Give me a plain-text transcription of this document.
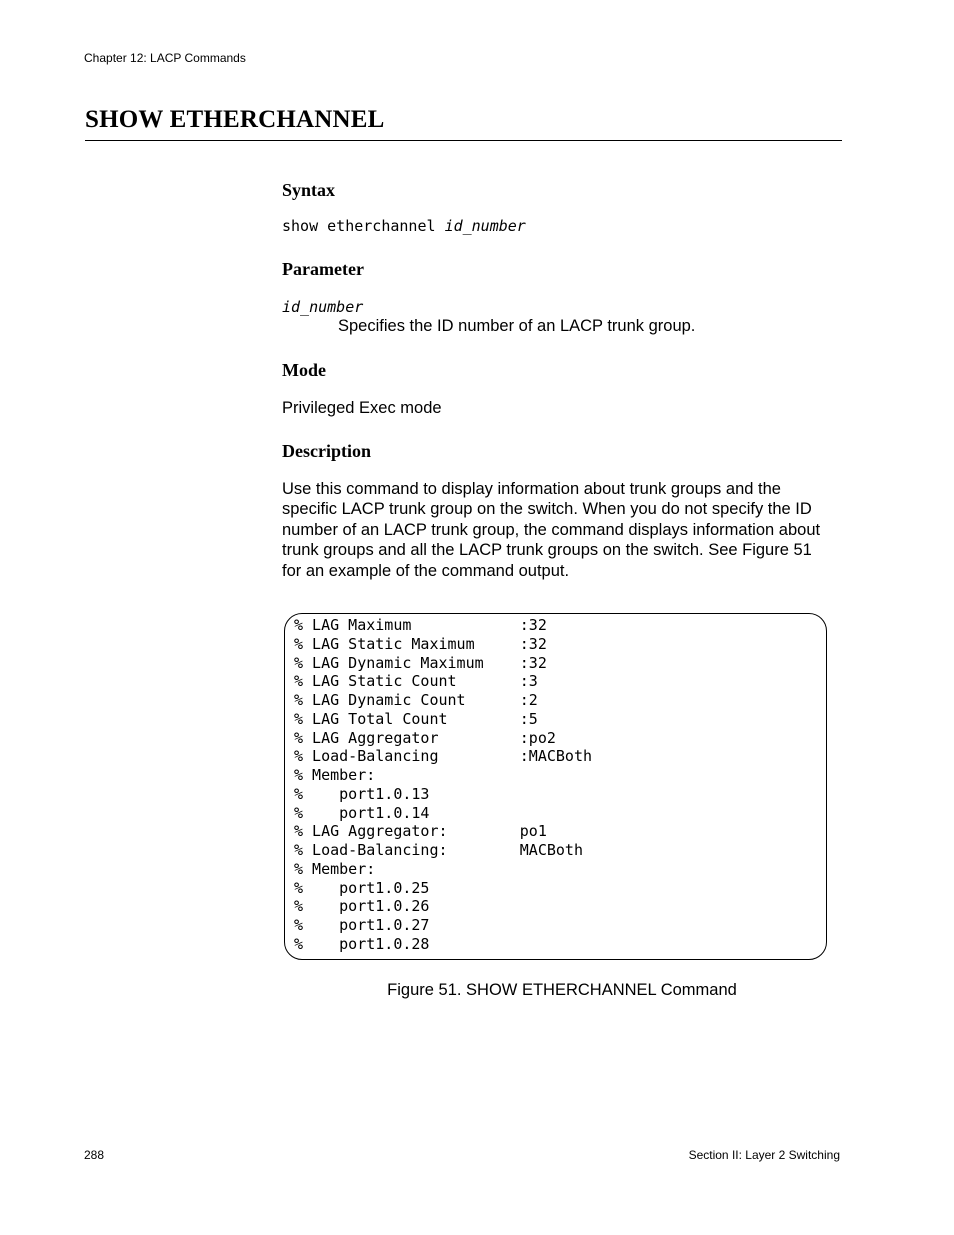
Chapter 12: LACP Commands
SHOW ETHERCHANNEL
Syntax
show etherchannel id_number
Parameter
id_number
Specifies the ID number of an LACP trunk group.
Mode
Privileged Exec mode
Description
Use this command to display information about trunk groups and the
specific LACP trunk group on the switch. When you do not specify the ID
number of an LACP trunk group, the command displays information about
trunk groups and all the LACP trunk groups on the switch. See Figure 51
for an example of the command output.
% LAG Maximum            :32
% LAG Static Maximum     :32
% LAG Dynamic Maximum    :32
% LAG Static Count       :3
% LAG Dynamic Count      :2
% LAG Total Count        :5
% LAG Aggregator         :po2
% Load-Balancing         :MACBoth
% Member:
%    port1.0.13
%    port1.0.14
% LAG Aggregator:        po1
% Load-Balancing:        MACBoth
% Member:
%    port1.0.25
%    port1.0.26
%    port1.0.27
%    port1.0.28
Figure 51. SHOW ETHERCHANNEL Command
288	Section II: Layer 2 Switching
